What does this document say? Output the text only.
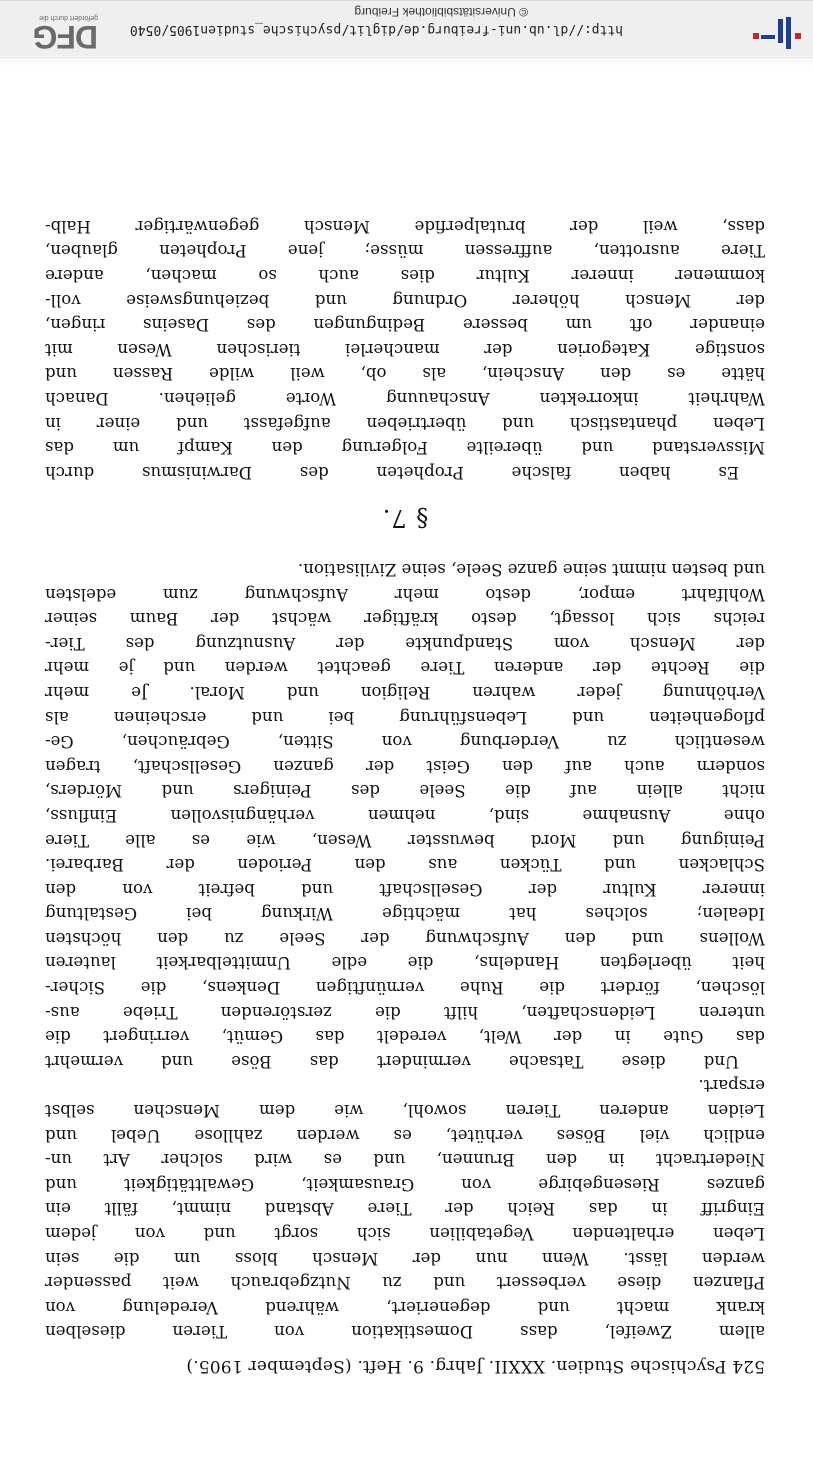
http://dl.ub.uni-freiburg.de/diglit/psychische_studien1905/0540
© Universitätsbibliothek Freiburg
DFG
gefördert durch die
524 Psychische Studien. XXXII. Jahrg. 9. Heft. (September 1905.)
allem Zweifel, dass Domestikation von Tieren dieselben
krank macht und degeneriert, während Veredelung von
Pflanzen diese verbessert und zu Nutzgebrauch weit passender
werden lässt. Wenn nun der Mensch bloss um die sein
Leben erhaltenden Vegetabilien sich sorgt und von jedem
Eingriff in das Reich der Tiere Abstand nimmt, fällt ein
ganzes Riesengebirge von Grausamkeit, Gewalttätigkeit und
Niedertracht in den Brunnen, und es wird solcher Art un-
endlich viel Böses verhütet, es werden zahllose Uebel und
Leiden anderen Tieren sowohl, wie dem Menschen selbst
erspart.
Und diese Tatsache vermindert das Böse und vermehrt
das Gute in der Welt, veredelt das Gemüt, verringert die
unteren Leidenschaften, hilft die zerstörenden Triebe aus-
löschen, fördert die Ruhe vernünftigen Denkens, die Sicher-
heit überlegten Handelns, die edle Unmittelbarkeit lauteren
Wollens und den Aufschwung der Seele zu den höchsten
Idealen; solches hat mächtige Wirkung bei Gestaltung
innerer Kultur der Gesellschaft und befreit von den
Schlacken und Tücken aus den Perioden der Barbarei.
Peinigung und Mord bewusster Wesen, wie es alle Tiere
ohne Ausnahme sind, nehmen verhängnisvollen Einfluss,
nicht allein auf die Seele des Peinigers und Mörders,
sondern auch auf den Geist der ganzen Gesellschaft, tragen
wesentlich zu Verderbung von Sitten, Gebräuchen, Ge-
pflogenheiten und Lebensführung bei und erscheinen als
Verhöhnung jeder wahren Religion und Moral. Je mehr
die Rechte der anderen Tiere geachtet werden und je mehr
der Mensch vom Standpunkte der Ausnutzung des Tier-
reichs sich lossagt, desto kräftiger wächst der Baum seiner
Wohlfahrt empor, desto mehr Aufschwung zum edelsten
und besten nimmt seine ganze Seele, seine Zivilisation.
§ 7.
Es haben falsche Propheten des Darwinismus durch
Missverstand und übereilte Folgerung den Kampf um das
Leben phantastisch und übertrieben aufgefasst und einer in
Wahrheit inkorrekten Anschauung Worte geliehen. Danach
hätte es den Anschein, als ob, weil wilde Rassen und
sonstige Kategorien der mancherlei tierischen Wesen mit
einander oft um bessere Bedingungen des Daseins ringen,
der Mensch höherer Ordnung und beziehungsweise voll-
kommener innerer Kultur dies auch so machen, andere
Tiere ausrotten, auffressen müsse; jene Propheten glauben,
dass, weil der brutalperfide Mensch gegenwärtiger Halb-
